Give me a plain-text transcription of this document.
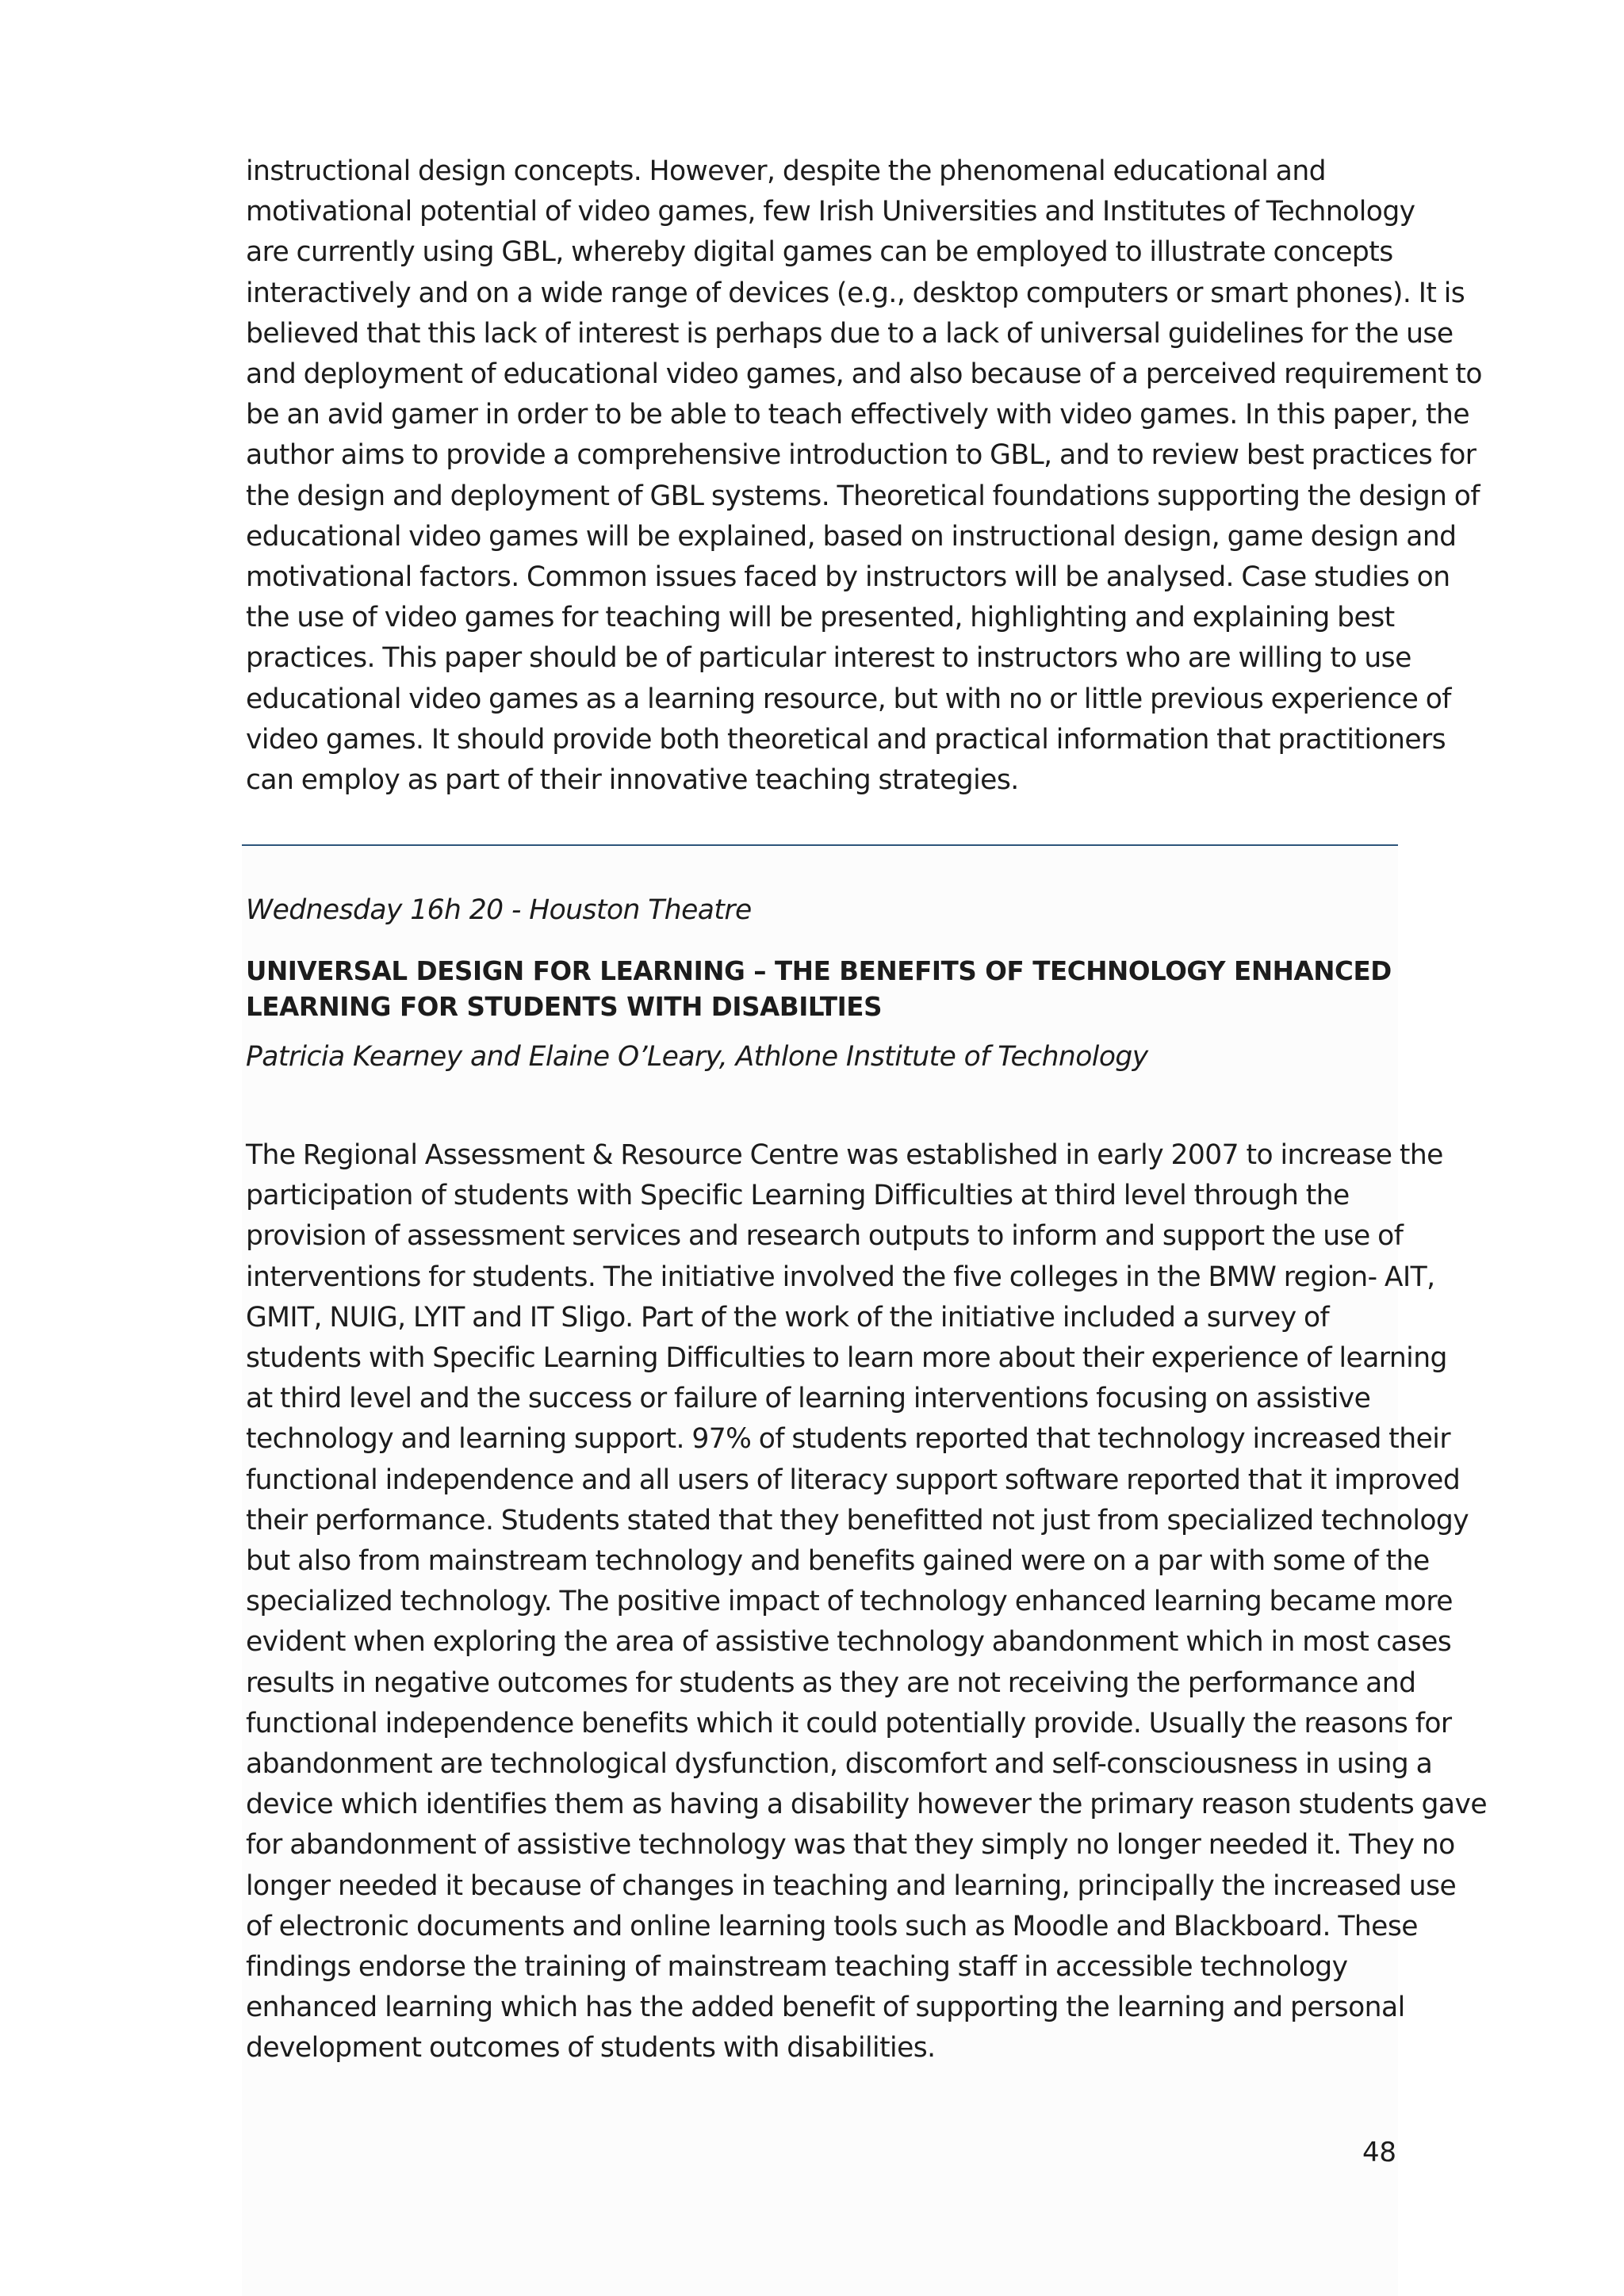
instructional design concepts. However, despite the phenomenal educational and
motivational potential of video games, few Irish Universities and Institutes of Technology
are currently using GBL, whereby digital games can be employed to illustrate concepts
interactively and on a wide range of devices (e.g., desktop computers or smart phones). It is
believed that this lack of interest is perhaps due to a lack of universal guidelines for the use
and deployment of educational video games, and also because of a perceived requirement to
be an avid gamer in order to be able to teach effectively with video games. In this paper, the
author aims to provide a comprehensive introduction to GBL, and to review best practices for
the design and deployment of GBL systems. Theoretical foundations supporting the design of
educational video games will be explained, based on instructional design, game design and
motivational factors. Common issues faced by instructors will be analysed. Case studies on
the use of video games for teaching will be presented, highlighting and explaining best
practices. This paper should be of particular interest to instructors who are willing to use
educational video games as a learning resource, but with no or little previous experience of
video games. It should provide both theoretical and practical information that practitioners
can employ as part of their innovative teaching strategies.

Wednesday 16h 20 - Houston Theatre

UNIVERSAL DESIGN FOR LEARNING – THE BENEFITS OF TECHNOLOGY ENHANCED
LEARNING FOR STUDENTS WITH DISABILTIES

Patricia Kearney and Elaine O’Leary, Athlone Institute of Technology

The Regional Assessment & Resource Centre was established in early 2007 to increase the
participation of students with Specific Learning Difficulties at third level through the
provision of assessment services and research outputs to inform and support the use of
interventions for students. The initiative involved the five colleges in the BMW region- AIT,
GMIT, NUIG, LYIT and IT Sligo. Part of the work of the initiative included a survey of
students with Specific Learning Difficulties to learn more about their experience of learning
at third level and the success or failure of learning interventions focusing on assistive
technology and learning support. 97% of students reported that technology increased their
functional independence and all users of literacy support software reported that it improved
their performance. Students stated that they benefitted not just from specialized technology
but also from mainstream technology and benefits gained were on a par with some of the
specialized technology. The positive impact of technology enhanced learning became more
evident when exploring the area of assistive technology abandonment which in most cases
results in negative outcomes for students as they are not receiving the performance and
functional independence benefits which it could potentially provide. Usually the reasons for
abandonment are technological dysfunction, discomfort and self-consciousness in using a
device which identifies them as having a disability however the primary reason students gave
for abandonment of assistive technology was that they simply no longer needed it. They no
longer needed it because of changes in teaching and learning, principally the increased use
of electronic documents and online learning tools such as Moodle and Blackboard. These
findings endorse the training of mainstream teaching staff in accessible technology
enhanced learning which has the added benefit of supporting the learning and personal
development outcomes of students with disabilities.

48
